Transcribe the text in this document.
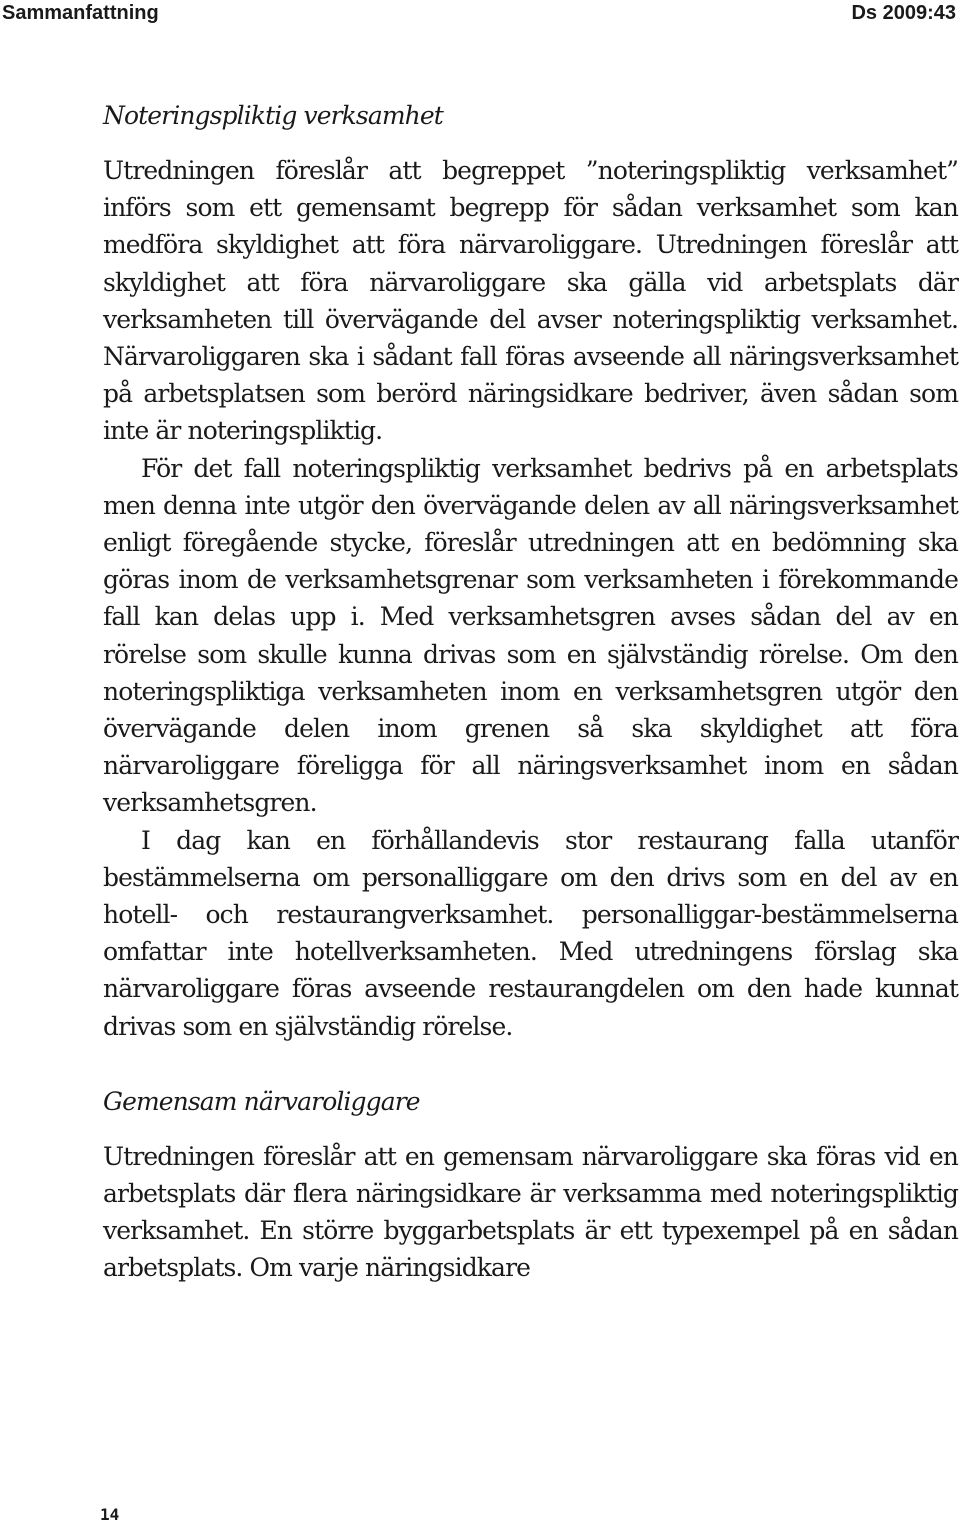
Sammanfattning	Ds 2009:43
Noteringspliktig verksamhet

Utredningen föreslår att begreppet ”noteringspliktig verksamhet” införs som ett gemensamt begrepp för sådan verksamhet som kan medföra skyldighet att föra närvaroliggare. Utredningen föreslår att skyldighet att föra närvaroliggare ska gälla vid arbetsplats där verksamheten till övervägande del avser noteringspliktig verksamhet. Närvaroliggaren ska i sådant fall föras avseende all näringsverksamhet på arbetsplatsen som berörd näringsidkare bedriver, även sådan som inte är noteringspliktig.

För det fall noteringspliktig verksamhet bedrivs på en arbetsplats men denna inte utgör den övervägande delen av all näringsverksamhet enligt föregående stycke, föreslår utredningen att en bedömning ska göras inom de verksamhetsgrenar som verksamheten i förekommande fall kan delas upp i. Med verksamhetsgren avses sådan del av en rörelse som skulle kunna drivas som en självständig rörelse. Om den noteringspliktiga verksamheten inom en verksamhetsgren utgör den övervägande delen inom grenen så ska skyldighet att föra närvaroliggare föreligga för all näringsverksamhet inom en sådan verksamhetsgren.

I dag kan en förhållandevis stor restaurang falla utanför bestämmelserna om personalliggare om den drivs som en del av en hotell- och restaurangverksamhet. personalliggar-bestämmelserna omfattar inte hotellverksamheten. Med utredningens förslag ska närvaroliggare föras avseende restaurangdelen om den hade kunnat drivas som en självständig rörelse.

Gemensam närvaroliggare

Utredningen föreslår att en gemensam närvaroliggare ska föras vid en arbetsplats där flera näringsidkare är verksamma med noteringspliktig verksamhet. En större byggarbetsplats är ett typexempel på en sådan arbetsplats. Om varje näringsidkare

14
